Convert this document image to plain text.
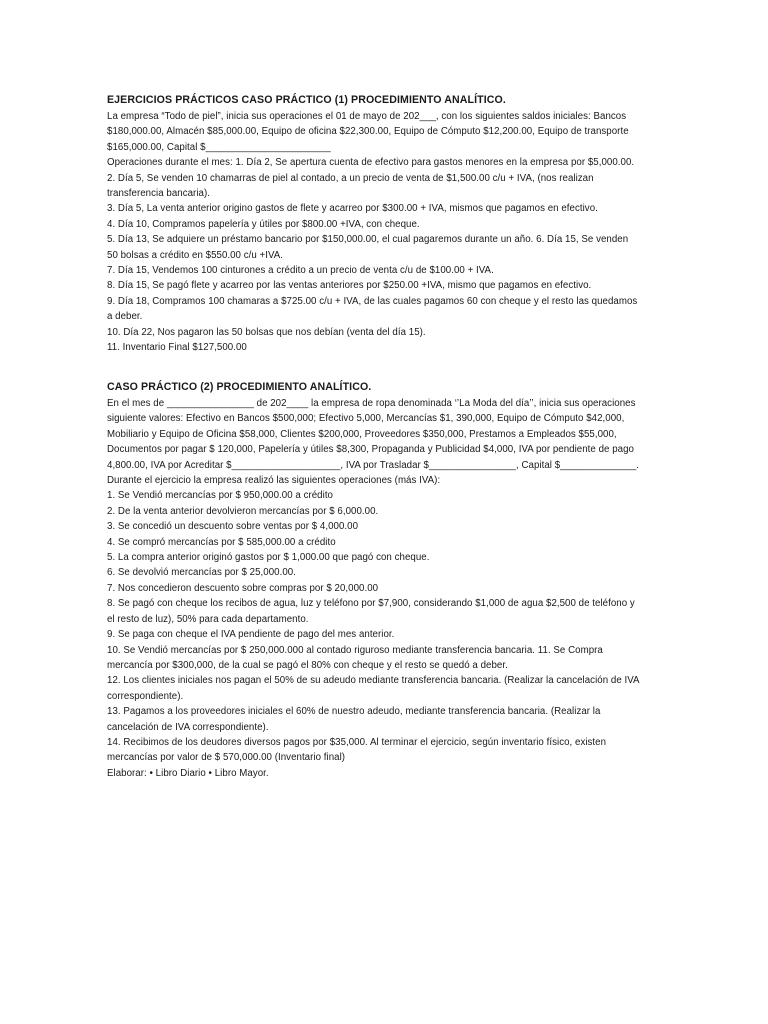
EJERCICIOS PRÁCTICOS CASO PRÁCTICO (1) PROCEDIMIENTO ANALÍTICO.
La empresa “Todo de piel”, inicia sus operaciones el 01 de mayo de 202___, con los siguientes saldos iniciales: Bancos
$180,000.00, Almacén $85,000.00, Equipo de oficina $22,300.00, Equipo de Cómputo $12,200.00, Equipo de transporte
$165,000.00, Capital $_______________________
Operaciones durante el mes: 1. Día 2, Se apertura cuenta de efectivo para gastos menores en la empresa por $5,000.00.
2. Día 5, Se venden 10 chamarras de piel al contado, a un precio de venta de $1,500.00 c/u + IVA, (nos realizan
transferencia bancaria).
3. Día 5, La venta anterior origino gastos de flete y acarreo por $300.00 + IVA, mismos que pagamos en efectivo.
4. Día 10, Compramos papelería y útiles por $800.00 +IVA, con cheque.
5. Día 13, Se adquiere un préstamo bancario por $150,000.00, el cual pagaremos durante un año. 6. Día 15, Se venden
50 bolsas a crédito en $550.00 c/u +IVA.
7. Día 15, Vendemos 100 cinturones a crédito a un precio de venta c/u de $100.00 + IVA.
8. Día 15, Se pagó flete y acarreo por las ventas anteriores por $250.00 +IVA, mismo que pagamos en efectivo.
9. Día 18, Compramos 100 chamaras a $725.00 c/u + IVA, de las cuales pagamos 60 con cheque y el resto las quedamos
a deber.
10. Día 22, Nos pagaron las 50 bolsas que nos debían (venta del día 15).
11. Inventario Final $127,500.00
CASO PRÁCTICO (2) PROCEDIMIENTO ANALÍTICO.
En el mes de ________________ de 202____ la empresa de ropa denominada ‘’La Moda del día’’, inicia sus operaciones
siguiente valores: Efectivo en Bancos $500,000; Efectivo 5,000, Mercancías $1, 390,000, Equipo de Cómputo $42,000,
Mobiliario y Equipo de Oficina $58,000, Clientes $200,000, Proveedores $350,000, Prestamos a Empleados $55,000,
Documentos por pagar $ 120,000, Papelería y útiles $8,300, Propaganda y Publicidad $4,000, IVA por pendiente de pago
4,800.00, IVA por Acreditar $____________________, IVA por Trasladar $________________, Capital $______________.
Durante el ejercicio la empresa realizó las siguientes operaciones (más IVA):
1. Se Vendió mercancías por $ 950,000.00 a crédito
2. De la venta anterior devolvieron mercancías por $ 6,000.00.
3. Se concedió un descuento sobre ventas por $ 4,000.00
4. Se compró mercancías por $ 585,000.00 a crédito
5. La compra anterior originó gastos por $ 1,000.00 que pagó con cheque.
6. Se devolvió mercancías por $ 25,000.00.
7. Nos concedieron descuento sobre compras por $ 20,000.00
8. Se pagó con cheque los recibos de agua, luz y teléfono por $7,900, considerando $1,000 de agua $2,500 de teléfono y
el resto de luz), 50% para cada departamento.
9. Se paga con cheque el IVA pendiente de pago del mes anterior.
10. Se Vendió mercancías por $ 250,000.000 al contado riguroso mediante transferencia bancaria. 11. Se Compra
mercancía por $300,000, de la cual se pagó el 80% con cheque y el resto se quedó a deber.
12. Los clientes iniciales nos pagan el 50% de su adeudo mediante transferencia bancaria. (Realizar la cancelación de IVA
correspondiente).
13. Pagamos a los proveedores iniciales el 60% de nuestro adeudo, mediante transferencia bancaria. (Realizar la
cancelación de IVA correspondiente).
14. Recibimos de los deudores diversos pagos por $35,000. Al terminar el ejercicio, según inventario físico, existen
mercancías por valor de $ 570,000.00 (Inventario final)
Elaborar: • Libro Diario • Libro Mayor.
